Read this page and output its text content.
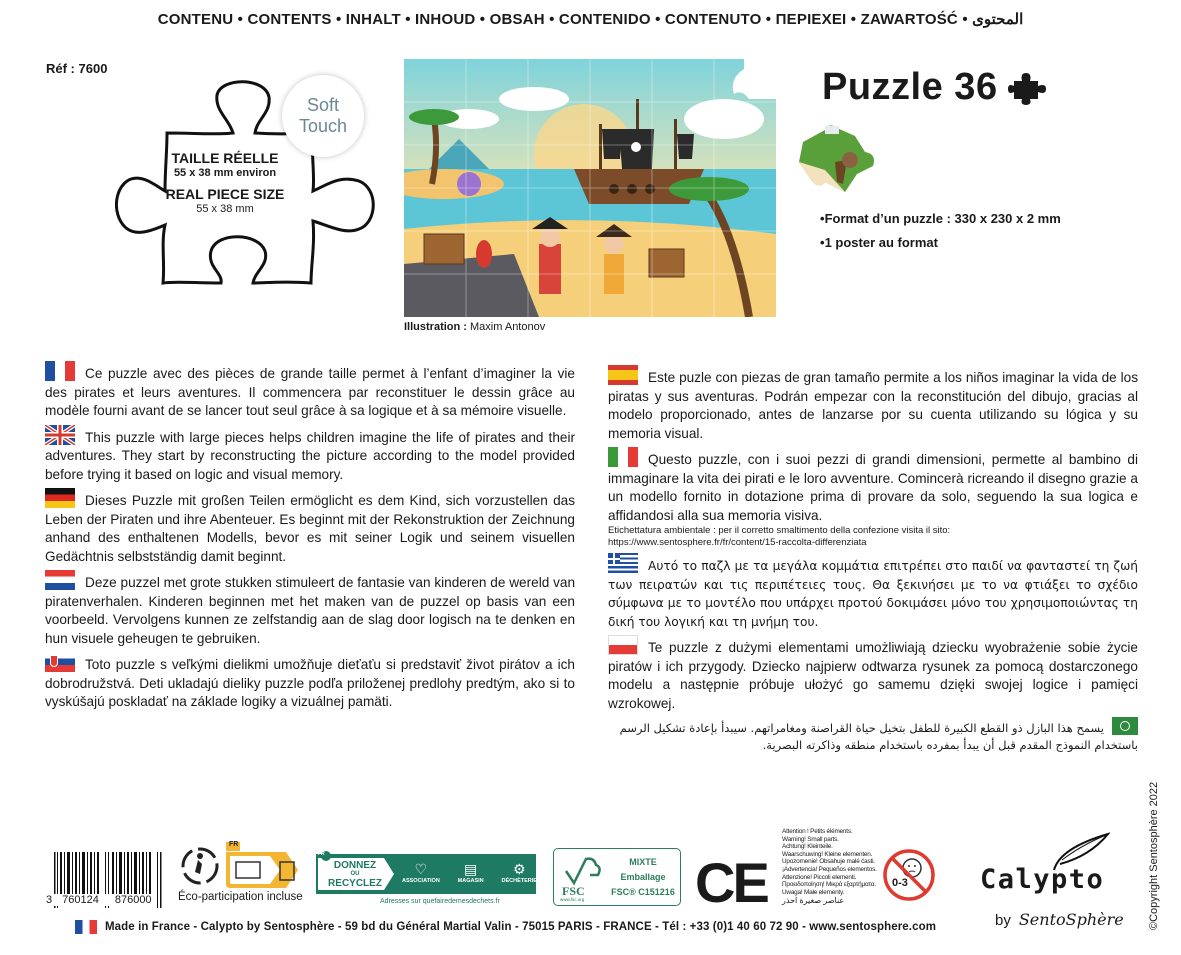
CONTENU • CONTENTS • INHALT • INHOUD • OBSAH • CONTENIDO • CONTENUTO • ΠΕΡΙΕΧΕΙ • ZAWARTOŚĆ • المحتوى
Réf : 7600
Soft
Touch
TAILLE RÉELLE
55 x 38 mm environ
REAL PIECE SIZE
55 x 38 mm
Illustration : Maxim Antonov
Puzzle 36
• Format d’un puzzle : 330 x 230 x 2 mm
• 1 poster au format
Ce puzzle avec des pièces de grande taille permet à l’enfant d’imaginer la vie des pirates et leurs aventures. Il commencera par reconstituer le dessin grâce au modèle fourni avant de se lancer tout seul grâce à sa logique et à sa mémoire visuelle.
This puzzle with large pieces helps children imagine the life of pirates and their adventures. They start by reconstructing the picture according to the model provided before trying it based on logic and visual memory.
Dieses Puzzle mit großen Teilen ermöglicht es dem Kind, sich vorzustellen das Leben der Piraten und ihre Abenteuer. Es beginnt mit der Rekonstruktion der Zeichnung anhand des enthaltenen Modells, bevor es mit seiner Logik und seinem visuellen Gedächtnis selbstständig damit beginnt.
Deze puzzel met grote stukken stimuleert de fantasie van kinderen de wereld van piratenverhalen. Kinderen beginnen met het maken van de puzzel op basis van een voorbeeld. Vervolgens kunnen ze zelfstandig aan de slag door logisch na te denken en hun visuele geheugen te gebruiken.
Toto puzzle s veľkými dielikmi umožňuje dieťaťu si predstaviť život pirátov a ich dobrodružstvá. Deti ukladajú dieliky puzzle podľa priloženej predlohy predtým, ako si to vyskúšajú poskladať na základe logiky a vizuálnej pamäti.
Este puzle con piezas de gran tamaño permite a los niños imaginar la vida de los piratas y sus aventuras. Podrán empezar con la reconstitución del dibujo, gracias al modelo proporcionado, antes de lanzarse por su cuenta utilizando su lógica y su memoria visual.
Questo puzzle, con i suoi pezzi di grandi dimensioni, permette al bambino di immaginare la vita dei pirati e le loro avventure. Comincerà ricreando il disegno grazie a un modello fornito in dotazione prima di provare da solo, seguendo la sua logica e affidandosi alla sua memoria visiva.
Etichettatura ambientale : per il corretto smaltimento della confezione visita il sito:
https://www.sentosphere.fr/fr/content/15-raccolta-differenziata
Αυτό το παζλ με τα μεγάλα κομμάτια επιτρέπει στο παιδί να φανταστεί τη ζωή των πειρατών και τις περιπέτειες τους. Θα ξεκινήσει με το να φτιάξει το σχέδιο σύμφωνα με το μοντέλο που υπάρχει προτού δοκιμάσει μόνο του χρησιμοποιώντας τη δική του λογική και τη μνήμη του.
Te puzzle z dużymi elementami umożliwiają dziecku wyobrażenie sobie życie piratów i ich przygody. Dziecko najpierw odtwarza rysunek za pomocą dostarczonego modelu a następnie próbuje ułożyć go samemu dzięki swojej logice i pamięci wzrokowej.
يسمح هذا البازل ذو القطع الكبيرة للطفل بتخيل حياة القراصنة ومغامراتهم. سيبدأ بإعادة تشكيل الرسم باستخدام النموذج المقدم قبل أن يبدأ بمفرده باستخدام منطقه وذاكرته البصرية.
3 760124 876000
FR
Éco-participation incluse
DONNEZ
OU
RECYCLEZ
♡
ASSOCIATION
▤
MAGASIN
⚙
DÉCHÈTERIE
FR
Adresses sur quefairedemesdechets.fr
FSC
www.fsc.org
MIXTE
Emballage
FSC® C151216 CE
Attention ! Petits éléments.
Warning! Small parts.
Achtung! Kleinteile.
Waarschuwing! Kleine elementen.
Upozornenie! Obsahuje malé časti.
¡Advertencia! Pequeños elementos.
Attenzione! Piccoli elementi.
Προειδοποίηση! Μικρά εξαρτήματα.
Uwaga! Małe elementy.
عناصر صغيرة احذر
0-3	Calypto
by SentoSphère ©Copyright Sentosphère 2022
Made in France - Calypto by Sentosphère - 59 bd du Général Martial Valin - 75015 PARIS - FRANCE - Tél : +33 (0)1 40 60 72 90 - www.sentosphere.com
